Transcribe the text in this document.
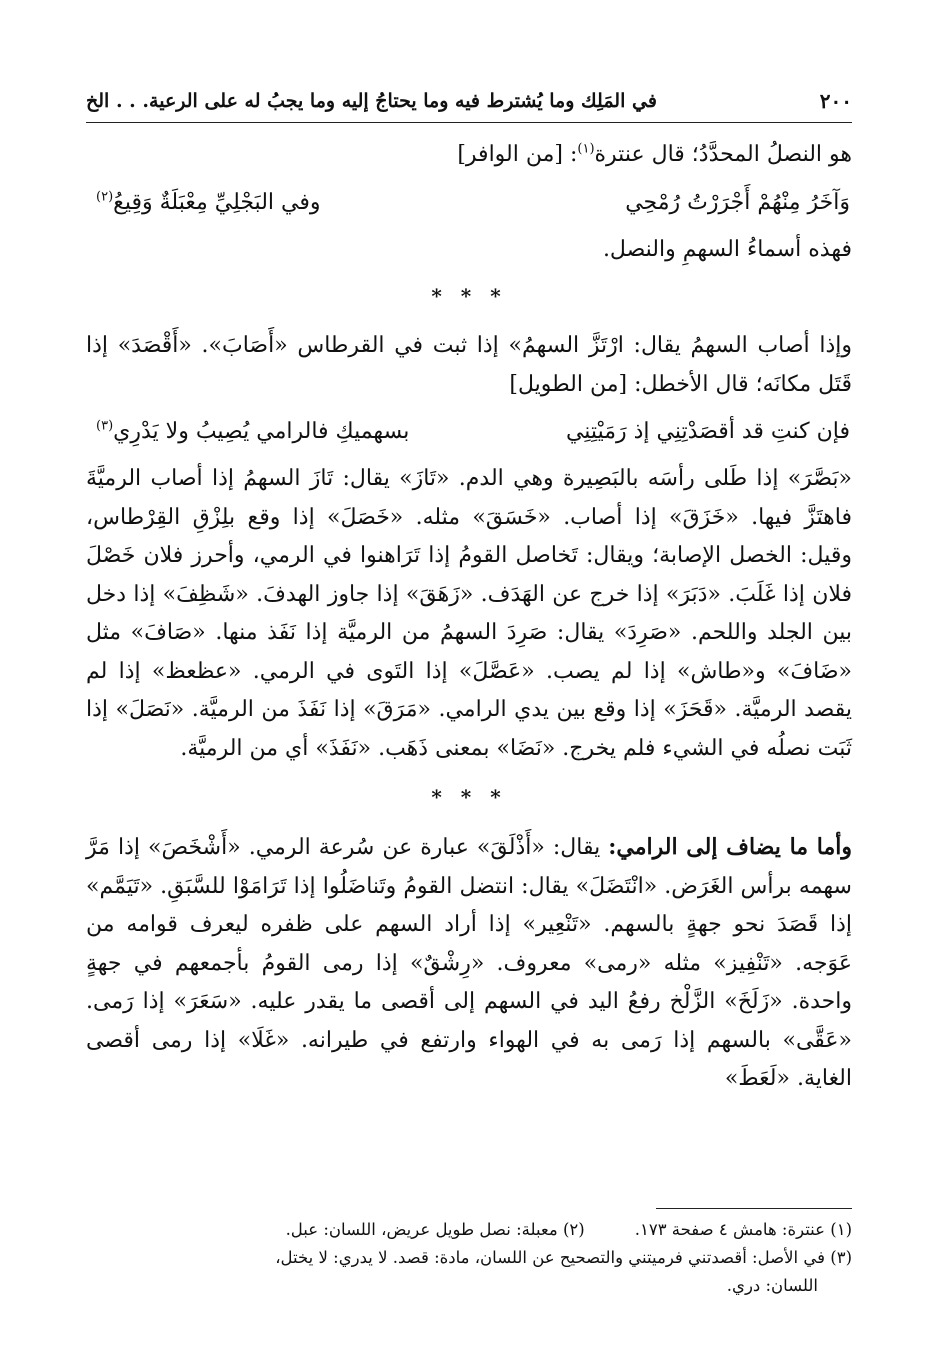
٢٠٠
في المَلِك وما يُشترط فيه وما يحتاجُ إليه وما يجبُ له على الرعية. . . الخ

هو النصلُ المحدَّدُ؛ قال عنترة$^{(١)}$: [من الوافر]

وَآخَرُ مِنْهُمْ أَجْرَرْتُ رُمْحِي
وفي البَجْلِيِّ مِعْبَلَةٌ وَقِيعُ$^{(٢)}$

فهذه أسماءُ السهمِ والنصل.

* * *

وإذا أصاب السهمُ يقال: ارْتَزَّ السهمُ» إذا ثبت في القرطاس «أَصَابَ». «أَقْصَدَ» إذا قَتَل مكانَه؛ قال الأخطل: [من الطويل]

فإن كنتِ قد أقصَدْتِنِي إذ رَمَيْتِنِي
بسهميكِ فالرامي يُصِيبُ ولا يَدْرِي$^{(٣)}$

«بَصَّرَ» إذا طَلى رأسَه بالبَصِيرة وهي الدم. «تَازَ» يقال: تَازَ السهمُ إذا أصاب الرميَّةَ فاهتَزَّ فيها. «خَزَقَ» إذا أصاب. «خَسَقَ» مثله. «خَصَلَ» إذا وقع بلِزْقِ القِرْطاس، وقيل: الخصل الإصابة؛ ويقال: تَخاصل القومُ إذا تَرَاهنوا في الرمي، وأحرز فلان خَصْلَ فلان إذا غَلَبَ. «دَبَرَ» إذا خرج عن الهَدَف. «زَهَقَ» إذا جاوز الهدفَ. «شَظِفَ» إذا دخل بين الجلد واللحم. «صَرِدَ» يقال: صَرِدَ السهمُ من الرميَّة إذا نَفَذ منها. «صَافَ» مثل «ضَافَ» و«طاش» إذا لم يصب. «عَصَّلَ» إذا التَوى في الرمي. «عظعظ» إذا لم يقصد الرميَّة. «قَحَزَ» إذا وقع بين يدي الرامي. «مَرَقَ» إذا نَفَذَ من الرميَّة. «نَصَلَ» إذا ثَبَت نصلُه في الشيء فلم يخرج. «نَضَا» بمعنى ذَهَب. «نَفَذَ» أي من الرميَّة.

* * *

وأما ما يضاف إلى الرامي: يقال: «أَذْلَقَ» عبارة عن سُرعة الرمي. «أَشْخَصَ» إذا مَرَّ سهمه برأس الغَرَض. «انْتَضَلَ» يقال: انتضل القومُ وتَناضَلُوا إذا تَرَامَوْا للسَّبَقِ. «تَيَمَّم» إذا قَصَدَ نحو جهةٍ بالسهم. «تَنْعِير» إذا أراد السهم على ظفره ليعرف قوامه من عَوَجه. «تَنْفِيز» مثله «رمى» معروف. «رِشْقٌ» إذا رمى القومُ بأجمعهم في جهةٍ واحدة. «زَلَخَ» الزَّلْخ رفعُ اليد في السهم إلى أقصى ما يقدر عليه. «سَعَرَ» إذا رَمى. «عَقَّى» بالسهم إذا رَمى به في الهواء وارتفع في طيرانه. «غَلَا» إذا رمى أقصى الغاية. «لَعَطَ»

(١) عنترة: هامش ٤ صفحة ١٧٣.
(٢) معبلة: نصل طويل عريض، اللسان: عبل.

(٣) في الأصل: أقصدتني فرميتني والتصحيح عن اللسان، مادة: قصد. لا يدري: لا يختل،

اللسان: دري.
